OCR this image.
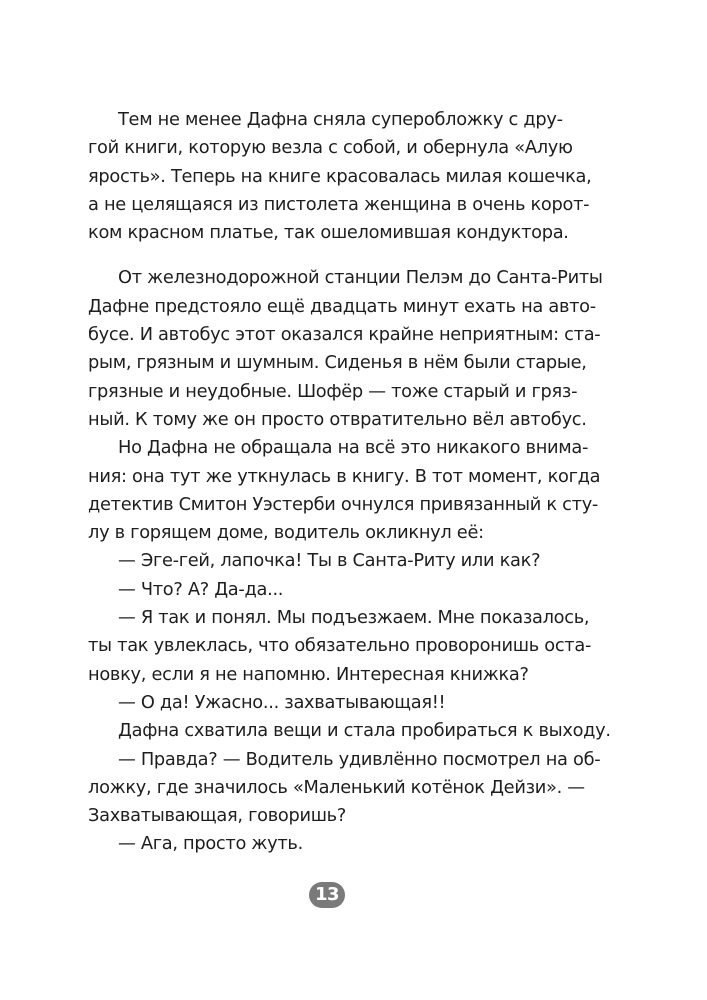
Тем не менее Дафна сняла суперобложку с дру-
гой книги, которую везла с собой, и обернула «Алую
ярость». Теперь на книге красовалась милая кошечка,
а не целящаяся из пистолета женщина в очень корот-
ком красном платье, так ошеломившая кондуктора.
От железнодорожной станции Пелэм до Санта-Риты
Дафне предстояло ещё двадцать минут ехать на авто-
бусе. И автобус этот оказался крайне неприятным: ста-
рым, грязным и шумным. Сиденья в нём были старые,
грязные и неудобные. Шофёр — тоже старый и гряз-
ный. К тому же он просто отвратительно вёл автобус.
Но Дафна не обращала на всё это никакого внима-
ния: она тут же уткнулась в книгу. В тот момент, когда
детектив Смитон Уэстерби очнулся привязанный к сту-
лу в горящем доме, водитель окликнул её:
— Эге-гей, лапочка! Ты в Санта-Риту или как?
— Что? А? Да-да...
— Я так и понял. Мы подъезжаем. Мне показалось,
ты так увлеклась, что обязательно проворонишь оста-
новку, если я не напомню. Интересная книжка?
— О да! Ужасно... захватывающая!!
Дафна схватила вещи и стала пробираться к выходу.
— Правда? — Водитель удивлённо посмотрел на об-
ложку, где значилось «Маленький котёнок Дейзи». —
Захватывающая, говоришь?
— Ага, просто жуть.
13
